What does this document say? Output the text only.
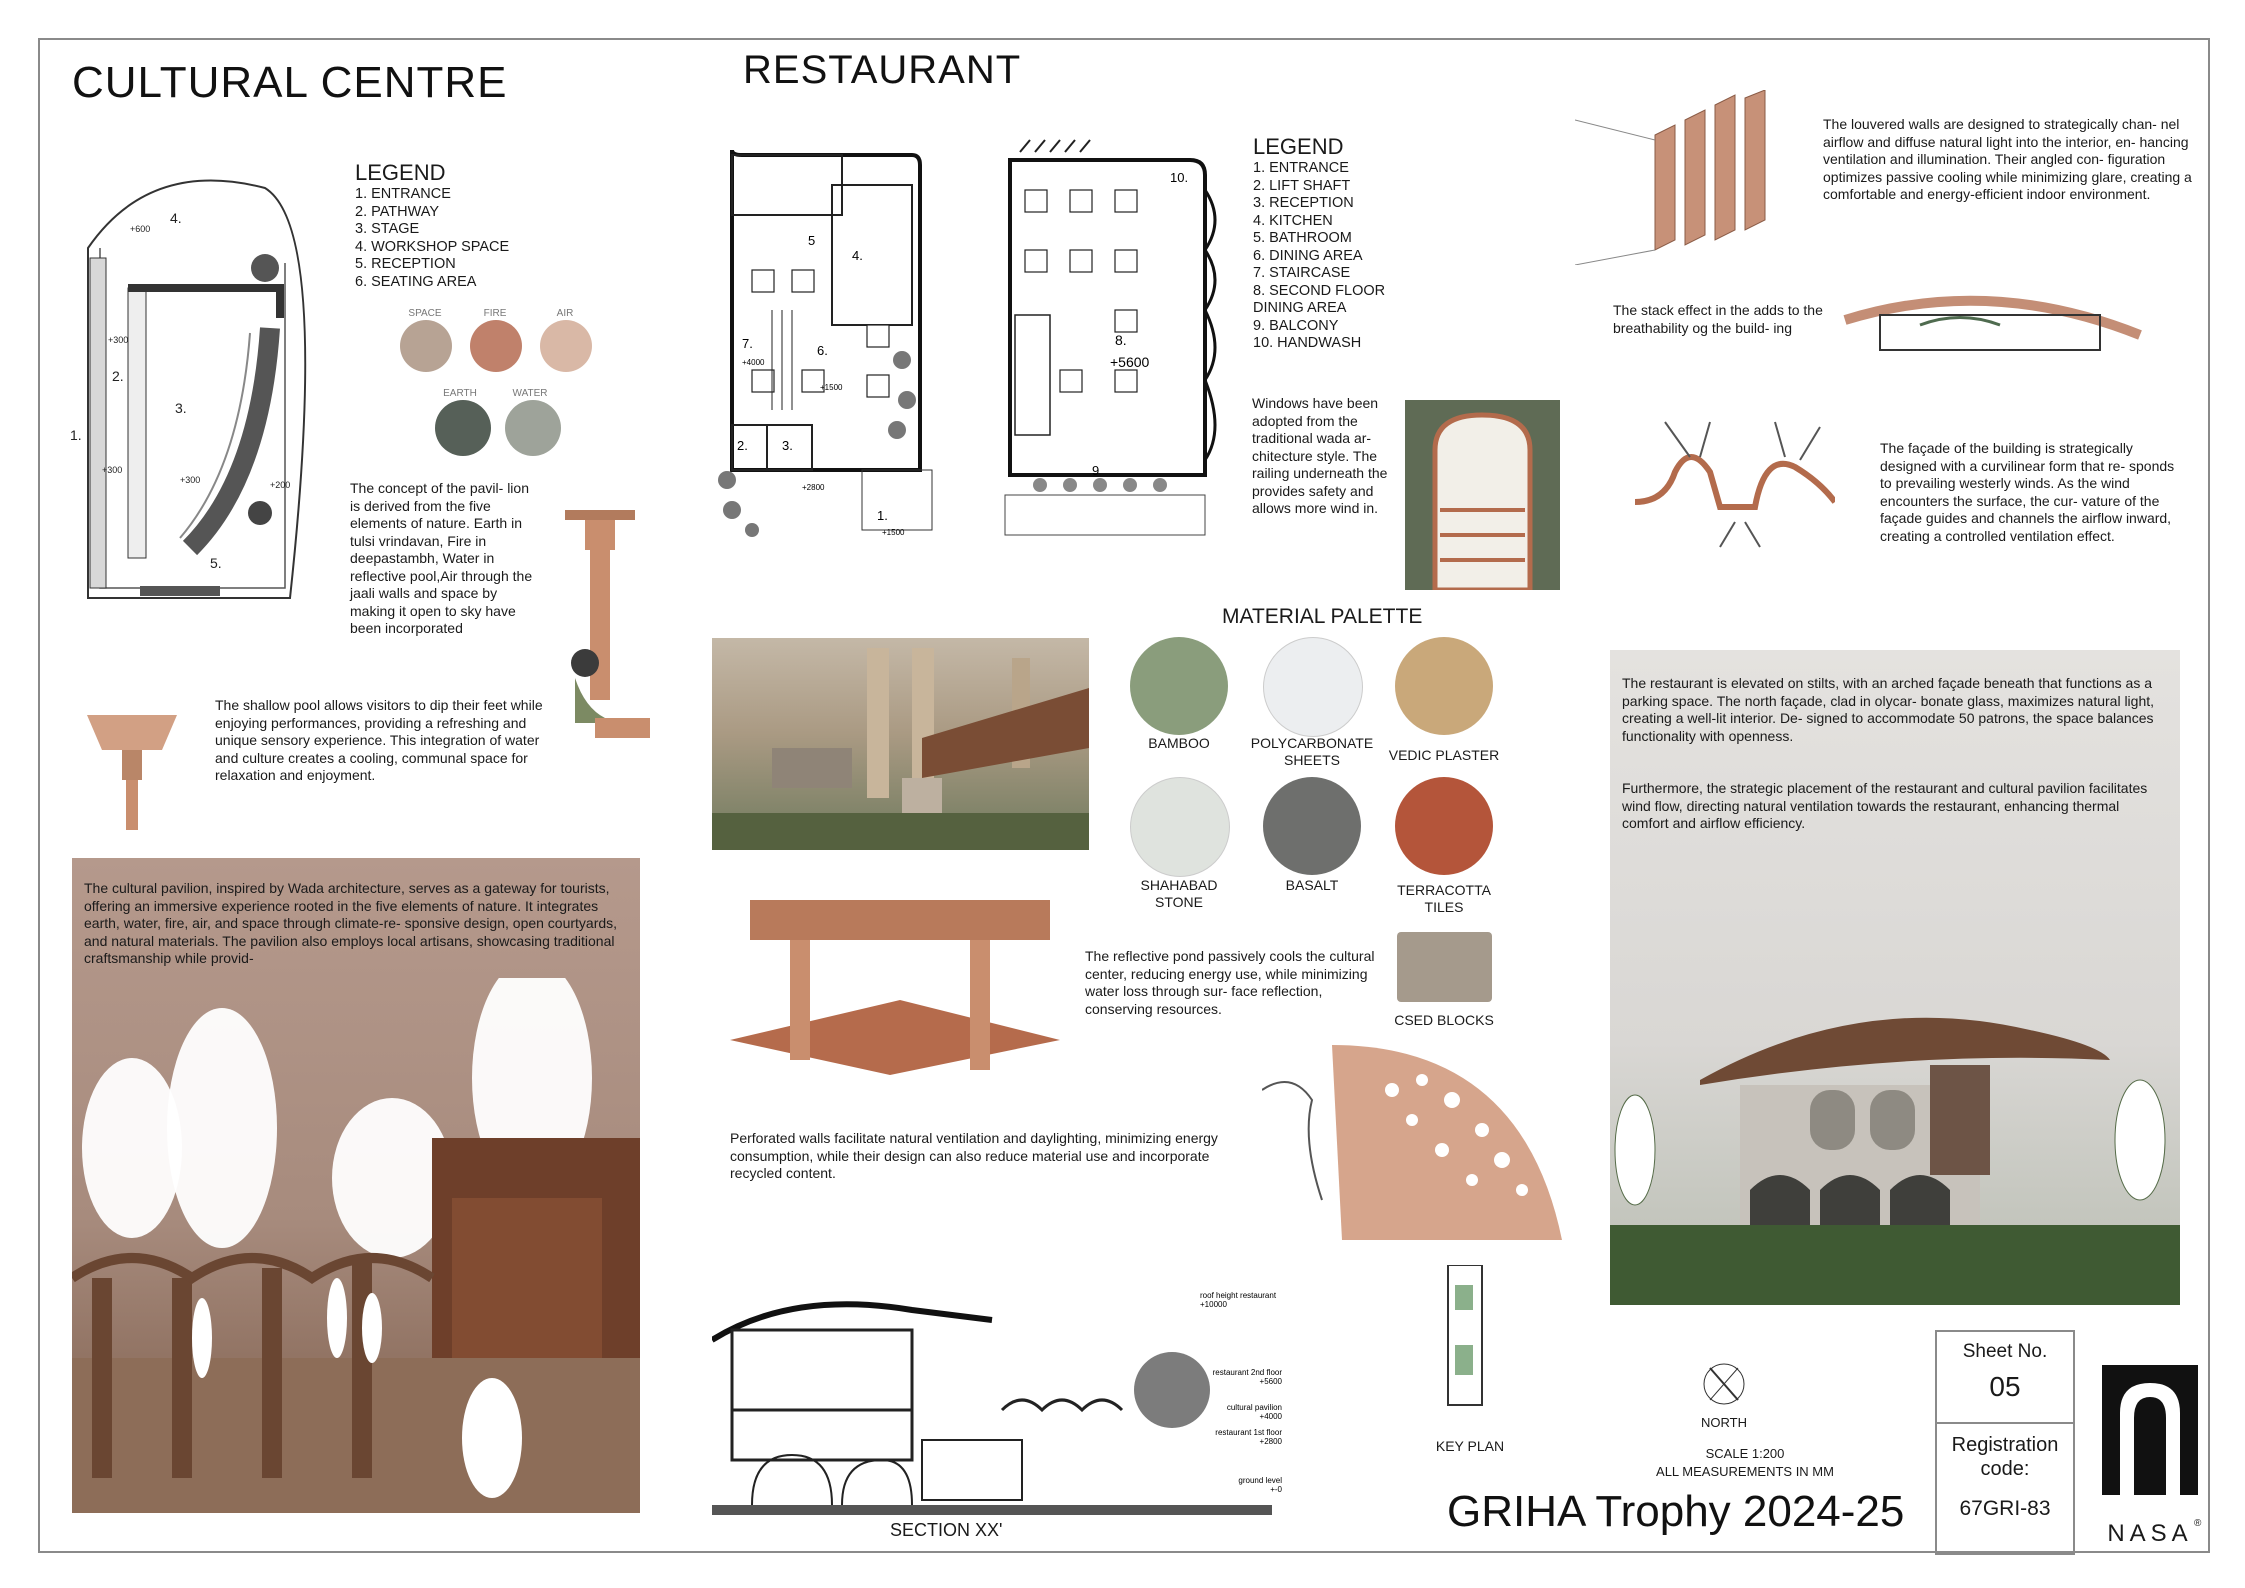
CULTURAL CENTRE	RESTAURANT
4.
2.
3.
5.
1.
+600
+300
+300
+300
+200
LEGEND
1. ENTRANCE
2. PATHWAY
3. STAGE
4. WORKSHOP SPACE
5. RECEPTION
6. SEATING AREA
SPACE	FIRE	AIR
EARTH	WATER
The concept of the pavil- lion is derived from the five elements of nature. Earth in tulsi vrindavan, Fire in deepastambh, Water in reflective pool,Air through the jaali walls and space by making it open to sky have been incorporated
The shallow pool allows visitors to dip their feet while enjoying performances, providing a refreshing and unique sensory experience. This integration of water and culture creates a cooling, communal space for relaxation and enjoyment.
The cultural pavilion, inspired by Wada architecture, serves as a gateway for tourists, offering an immersive experience rooted in the five elements of nature. It integrates earth, water, fire, air, and space through climate-re- sponsive design, open courtyards, and natural materials. The pavilion also employs local artisans, showcasing traditional craftsmanship while provid-
4.
5
6.
7.
2.	3.
1.
+4000
+1500
+2800
+1500
10.
8.
+5600
9
LEGEND
1. ENTRANCE
2. LIFT SHAFT
3. RECEPTION
4. KITCHEN
5. BATHROOM
6. DINING AREA
7. STAIRCASE
8. SECOND FLOOR
DINING AREA
9. BALCONY
10. HANDWASH
Windows have been adopted from the traditional wada ar- chitecture style. The railing underneath the provides safety and allows more wind in.
The louvered walls are designed to strategically chan- nel airflow and diffuse natural light into the interior, en- hancing ventilation and illumination. Their angled con- figuration optimizes passive cooling while minimizing glare, creating a comfortable and energy-efficient indoor environment.
The stack effect in the adds to the breathability og the build- ing
The façade of the building is strategically designed with a curvilinear form that re- sponds to prevailing westerly winds. As the wind encounters the surface, the cur- vature of the façade guides and channels the airflow inward, creating a controlled ventilation effect.
MATERIAL PALETTE
BAMBOO	POLYCARBONATE SHEETS	VEDIC PLASTER
SHAHABAD STONE
BASALT	TERRACOTTA TILES
CSED BLOCKS
The reflective pond passively cools the cultural center, reducing energy use, while minimizing water loss through sur- face reflection, conserving resources.
Perforated walls facilitate natural ventilation and daylighting, minimizing energy consumption, while their design can also reduce material use and incorporate recycled content.
roof height restaurant
+10000
restaurant 2nd floor
+5600
cultural pavilion
+4000
restaurant 1st floor
+2800
ground level
+-0
SECTION XX'
KEY PLAN
NORTH
SCALE 1:200
ALL MEASUREMENTS IN MM
GRIHA Trophy 2024-25
Sheet No.
05
Registration code:
67GRI-83
NASA ®
The restaurant is elevated on stilts, with an arched façade beneath that functions as a parking space. The north façade, clad in olycar- bonate glass, maximizes natural light, creating a well-lit interior. De- signed to accommodate 50 patrons, the space balances functionality with openness.
Furthermore, the strategic placement of the restaurant and cultural pavilion facilitates wind flow, directing natural ventilation towards the restaurant, enhancing thermal comfort and airflow efficiency.
